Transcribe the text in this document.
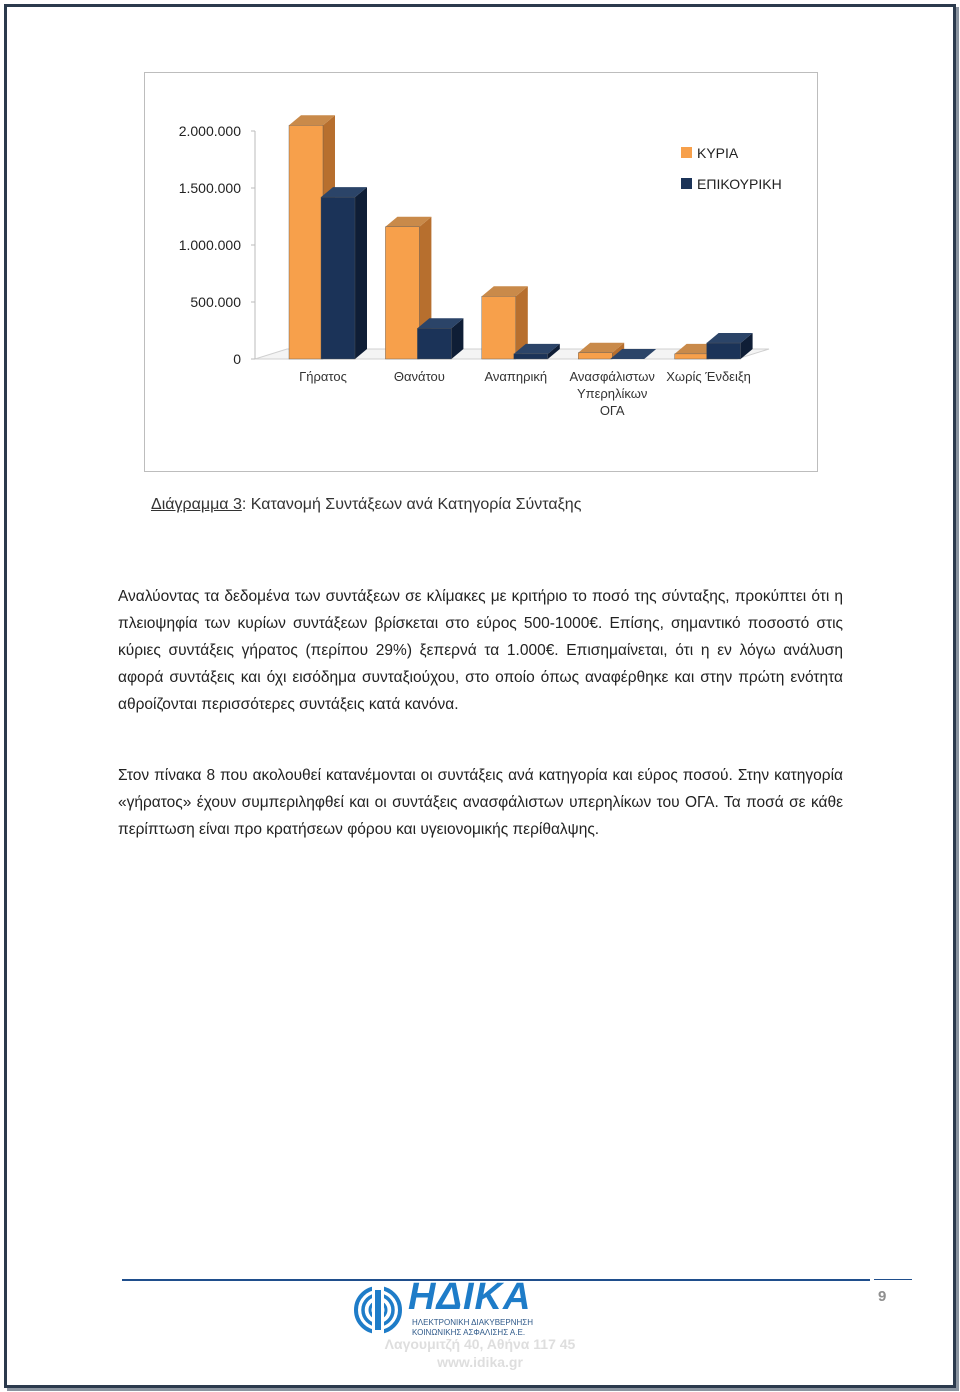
0
500.000
1.000.000
1.500.000
2.000.000
Γήρατος	Θανάτου	Αναπηρική Ανασφάλιστων
Υπερηλίκων
ΟΓΑ
Χωρίς Ένδειξη
ΚΥΡΙΑ
ΕΠΙΚΟΥΡΙΚΗ
Διάγραμμα 3: Κατανομή Συντάξεων ανά Κατηγορία Σύνταξης

Αναλύοντας τα δεδομένα των συντάξεων σε κλίμακες με κριτήριο το ποσό της σύνταξης, προκύπτει ότι η πλειοψηφία των κυρίων συντάξεων βρίσκεται στο εύρος 500-1000€. Επίσης, σημαντικό ποσοστό στις κύριες συντάξεις γήρατος (περίπου 29%) ξεπερνά τα 1.000€. Επισημαίνεται, ότι η εν λόγω ανάλυση αφορά συντάξεις και όχι εισόδημα συνταξιούχου, στο οποίο όπως αναφέρθηκε και στην πρώτη ενότητα αθροίζονται περισσότερες συντάξεις κατά κανόνα.

Στον πίνακα 8 που ακολουθεί κατανέμονται οι συντάξεις ανά κατηγορία και εύρος ποσού. Στην κατηγορία «γήρατος» έχουν συμπεριληφθεί και οι συντάξεις ανασφάλιστων υπερηλίκων του ΟΓΑ. Τα ποσά σε κάθε περίπτωση είναι προ κρατήσεων φόρου και υγειονομικής περίθαλψης.

9
ΗΔΙΚΑ
ΗΛΕΚΤΡΟΝΙΚΗ ΔΙΑΚΥΒΕΡΝΗΣΗ
ΚΟΙΝΩΝΙΚΗΣ ΑΣΦΑΛΙΣΗΣ Α.Ε.
Λαγουμιτζή 40, Αθήνα 117 45
www.idika.gr
